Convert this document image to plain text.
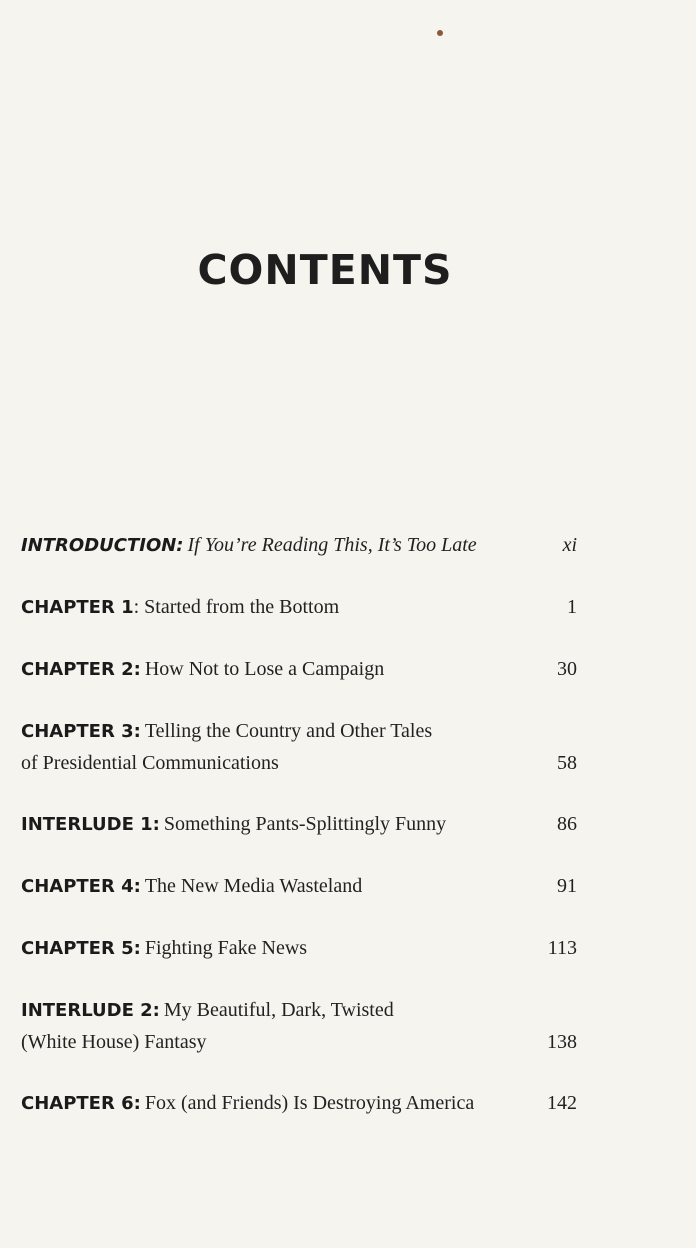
CONTENTS
INTRODUCTION: If You’re Reading This, It’s Too Late	xi
CHAPTER 1: Started from the Bottom	1
CHAPTER 2: How Not to Lose a Campaign	30
CHAPTER 3: Telling the Country and Other Tales
of Presidential Communications	58
INTERLUDE 1: Something Pants-Splittingly Funny	86
CHAPTER 4: The New Media Wasteland	91
CHAPTER 5: Fighting Fake News	113
INTERLUDE 2: My Beautiful, Dark, Twisted
(White House) Fantasy	138
CHAPTER 6: Fox (and Friends) Is Destroying America	142
